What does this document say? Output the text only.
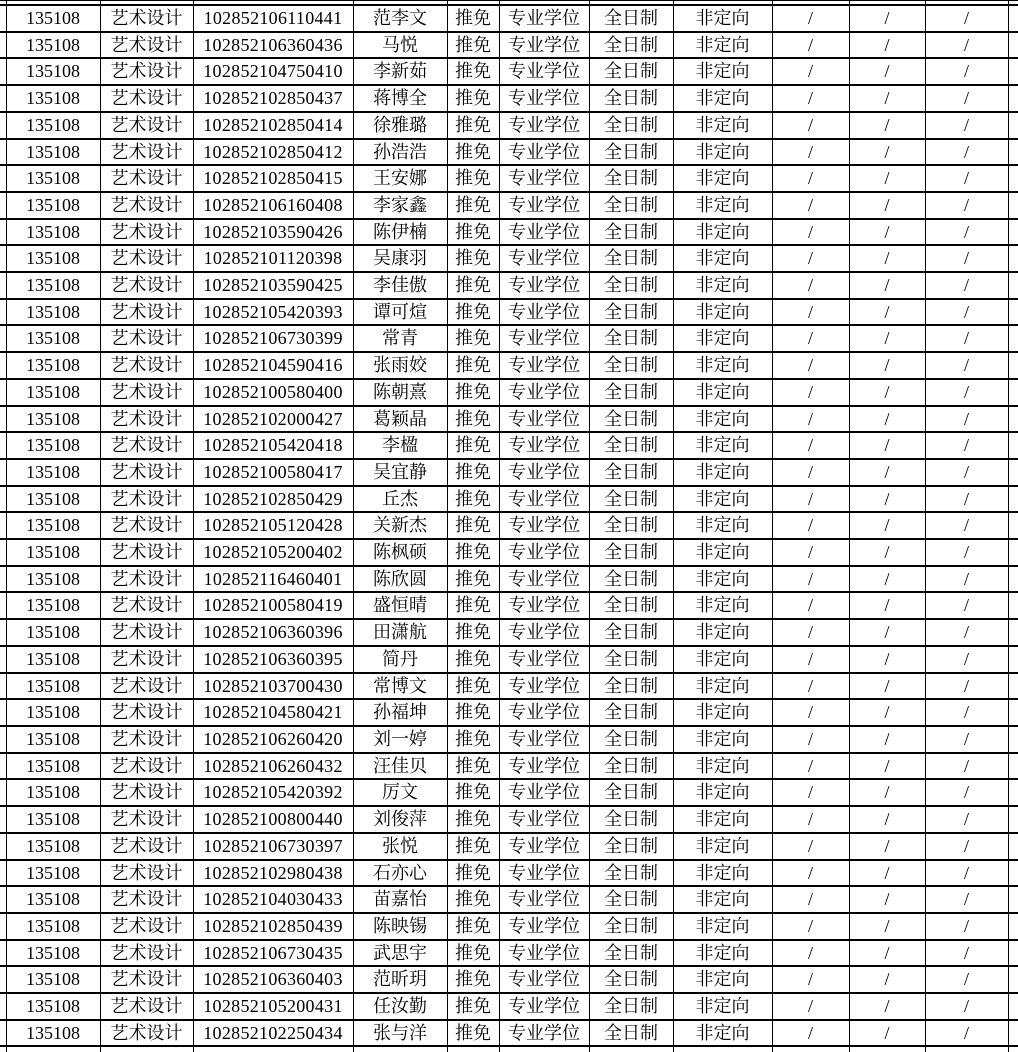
	135108	艺术设计	102852106110441	范李文	推免	专业学位	全日制	非定向	/	/	/	
	135108	艺术设计	102852106360436	马悦	推免	专业学位	全日制	非定向	/	/	/	
	135108	艺术设计	102852104750410	李新茹	推免	专业学位	全日制	非定向	/	/	/	
	135108	艺术设计	102852102850437	蒋博全	推免	专业学位	全日制	非定向	/	/	/	
	135108	艺术设计	102852102850414	徐雅璐	推免	专业学位	全日制	非定向	/	/	/	
	135108	艺术设计	102852102850412	孙浩浩	推免	专业学位	全日制	非定向	/	/	/	
	135108	艺术设计	102852102850415	王安娜	推免	专业学位	全日制	非定向	/	/	/	
	135108	艺术设计	102852106160408	李家鑫	推免	专业学位	全日制	非定向	/	/	/	
	135108	艺术设计	102852103590426	陈伊楠	推免	专业学位	全日制	非定向	/	/	/	
	135108	艺术设计	102852101120398	吴康羽	推免	专业学位	全日制	非定向	/	/	/	
	135108	艺术设计	102852103590425	李佳傲	推免	专业学位	全日制	非定向	/	/	/	
	135108	艺术设计	102852105420393	谭可煊	推免	专业学位	全日制	非定向	/	/	/	
	135108	艺术设计	102852106730399	常青	推免	专业学位	全日制	非定向	/	/	/	
	135108	艺术设计	102852104590416	张雨姣	推免	专业学位	全日制	非定向	/	/	/	
	135108	艺术设计	102852100580400	陈朝熹	推免	专业学位	全日制	非定向	/	/	/	
	135108	艺术设计	102852102000427	葛颖晶	推免	专业学位	全日制	非定向	/	/	/	
	135108	艺术设计	102852105420418	李楹	推免	专业学位	全日制	非定向	/	/	/	
	135108	艺术设计	102852100580417	吴宜静	推免	专业学位	全日制	非定向	/	/	/	
	135108	艺术设计	102852102850429	丘杰	推免	专业学位	全日制	非定向	/	/	/	
	135108	艺术设计	102852105120428	关新杰	推免	专业学位	全日制	非定向	/	/	/	
	135108	艺术设计	102852105200402	陈枫硕	推免	专业学位	全日制	非定向	/	/	/	
	135108	艺术设计	102852116460401	陈欣圆	推免	专业学位	全日制	非定向	/	/	/	
	135108	艺术设计	102852100580419	盛恒晴	推免	专业学位	全日制	非定向	/	/	/	
	135108	艺术设计	102852106360396	田潇航	推免	专业学位	全日制	非定向	/	/	/	
	135108	艺术设计	102852106360395	简丹	推免	专业学位	全日制	非定向	/	/	/	
	135108	艺术设计	102852103700430	常博文	推免	专业学位	全日制	非定向	/	/	/	
	135108	艺术设计	102852104580421	孙福坤	推免	专业学位	全日制	非定向	/	/	/	
	135108	艺术设计	102852106260420	刘一婷	推免	专业学位	全日制	非定向	/	/	/	
	135108	艺术设计	102852106260432	汪佳贝	推免	专业学位	全日制	非定向	/	/	/	
	135108	艺术设计	102852105420392	厉文	推免	专业学位	全日制	非定向	/	/	/	
	135108	艺术设计	102852100800440	刘俊萍	推免	专业学位	全日制	非定向	/	/	/	
	135108	艺术设计	102852106730397	张悦	推免	专业学位	全日制	非定向	/	/	/	
	135108	艺术设计	102852102980438	石亦心	推免	专业学位	全日制	非定向	/	/	/	
	135108	艺术设计	102852104030433	苗嘉怡	推免	专业学位	全日制	非定向	/	/	/	
	135108	艺术设计	102852102850439	陈映锡	推免	专业学位	全日制	非定向	/	/	/	
	135108	艺术设计	102852106730435	武思宇	推免	专业学位	全日制	非定向	/	/	/	
	135108	艺术设计	102852106360403	范昕玥	推免	专业学位	全日制	非定向	/	/	/	
	135108	艺术设计	102852105200431	任汝勤	推免	专业学位	全日制	非定向	/	/	/	
	135108	艺术设计	102852102250434	张与洋	推免	专业学位	全日制	非定向	/	/	/	
